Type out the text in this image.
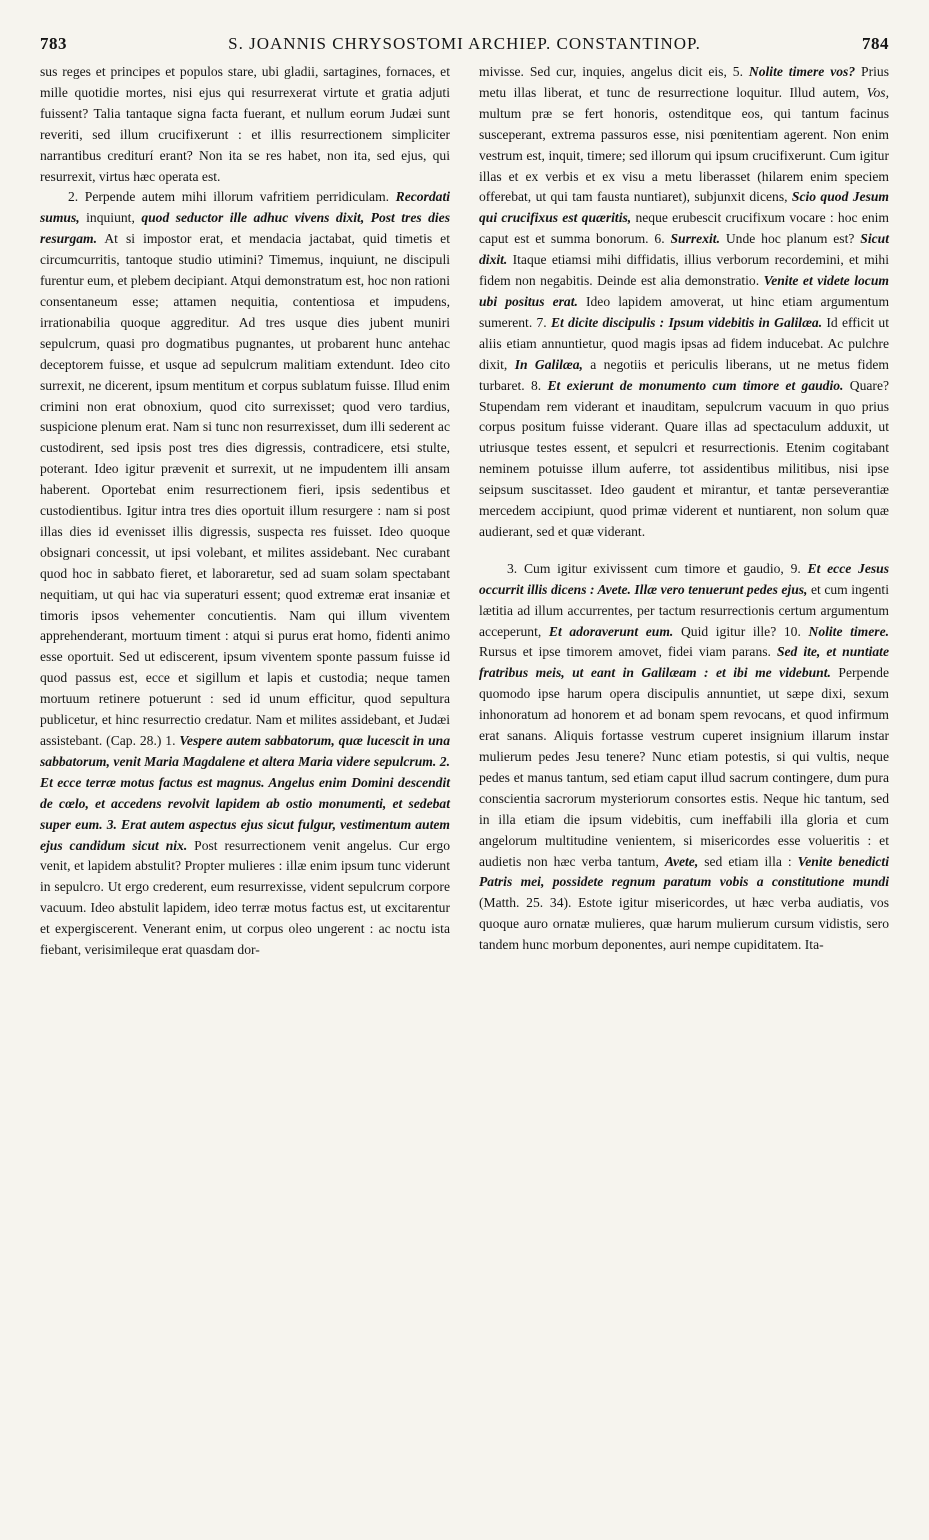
783	S. JOANNIS CHRYSOSTOMI ARCHIEP. CONSTANTINOP.	784

sus reges et principes et populos stare, ubi gladii, sartagines, fornaces, et mille quotidie mortes, nisi ejus qui resurrexerat virtute et gratia adjuti fuissent? Talia tantaque signa facta fuerant, et nullum eorum Judæi sunt reveriti, sed illum crucifixerunt : et illis resurrectionem simpliciter narrantibus crediturí erant? Non ita se res habet, non ita, sed ejus, qui resurrexit, virtus hæc operata est.

2. Perpende autem mihi illorum vafritiem perridiculam. Recordati sumus, inquiunt, quod seductor ille adhuc vivens dixit, Post tres dies resurgam. At si impostor erat, et mendacia jactabat, quid timetis et circumcurritis, tantoque studio utimini? Timemus, inquiunt, ne discipuli furentur eum, et plebem decipiant. Atqui demonstratum est, hoc non rationi consentaneum esse; attamen nequitia, contentiosa et impudens, irrationabilia quoque aggreditur. Ad tres usque dies jubent muniri sepulcrum, quasi pro dogmatibus pugnantes, ut probarent hunc antehac deceptorem fuisse, et usque ad sepulcrum malitiam extendunt. Ideo cito surrexit, ne dicerent, ipsum mentitum et corpus sublatum fuisse. Illud enim crimini non erat obnoxium, quod cito surrexisset; quod vero tardius, suspicione plenum erat. Nam si tunc non resurrexisset, dum illi sederent ac custodirent, sed ipsis post tres dies digressis, contradicere, etsi stulte, poterant. Ideo igitur prævenit et surrexit, ut ne impudentem illi ansam haberent. Oportebat enim resurrectionem fieri, ipsis sedentibus et custodientibus. Igitur intra tres dies oportuit illum resurgere : nam si post illas dies id evenisset illis digressis, suspecta res fuisset. Ideo quoque obsignari concessit, ut ipsi volebant, et milites assidebant. Nec curabant quod hoc in sabbato fieret, et laboraretur, sed ad suam solam spectabant nequitiam, ut qui hac via superaturi essent; quod extremæ erat insaniæ et timoris ipsos vehementer concutientis. Nam qui illum viventem apprehenderant, mortuum timent : atqui si purus erat homo, fidenti animo esse oportuit. Sed ut ediscerent, ipsum viventem sponte passum fuisse id quod passus est, ecce et sigillum et lapis et custodia; neque tamen mortuum retinere potuerunt : sed id unum efficitur, quod sepultura publicetur, et hinc resurrectio credatur. Nam et milites assidebant, et Judæi assistebant. (Cap. 28.) 1. Vespere autem sabbatorum, quæ lucescit in una sabbatorum, venit Maria Magdalene et altera Maria videre sepulcrum. 2. Et ecce terræ motus factus est magnus. Angelus enim Domini descendit de cœlo, et accedens revolvit lapidem ab ostio monumenti, et sedebat super eum. 3. Erat autem aspectus ejus sicut fulgur, vestimentum autem ejus candidum sicut nix. Post resurrectionem venit angelus. Cur ergo venit, et lapidem abstulit? Propter mulieres : illæ enim ipsum tunc viderunt in sepulcro. Ut ergo crederent, eum resurrexisse, vident sepulcrum corpore vacuum. Ideo abstulit lapidem, ideo terræ motus factus est, ut excitarentur et expergiscerent. Venerant enim, ut corpus oleo ungerent : ac noctu ista fiebant, verisimileque erat quasdam dor-

mivisse. Sed cur, inquies, angelus dicit eis, 5. Nolite timere vos? Prius metu illas liberat, et tunc de resurrectione loquitur. Illud autem, Vos, multum præ se fert honoris, ostenditque eos, qui tantum facinus susceperant, extrema passuros esse, nisi pœnitentiam agerent. Non enim vestrum est, inquit, timere; sed illorum qui ipsum crucifixerunt. Cum igitur illas et ex verbis et ex visu a metu liberasset (hilarem enim speciem offerebat, ut qui tam fausta nuntiaret), subjunxit dicens, Scio quod Jesum qui crucifixus est quæritis, neque erubescit crucifixum vocare : hoc enim caput est et summa bonorum. 6. Surrexit. Unde hoc planum est? Sicut dixit. Itaque etiamsi mihi diffidatis, illius verborum recordemini, et mihi fidem non negabitis. Deinde est alia demonstratio. Venite et videte locum ubi positus erat. Ideo lapidem amoverat, ut hinc etiam argumentum sumerent. 7. Et dicite discipulis : Ipsum videbitis in Galilæa. Id efficit ut aliis etiam annuntietur, quod magis ipsas ad fidem inducebat. Ac pulchre dixit, In Galilæa, a negotiis et periculis liberans, ut ne metus fidem turbaret. 8. Et exierunt de monumento cum timore et gaudio. Quare? Stupendam rem viderant et inauditam, sepulcrum vacuum in quo prius corpus positum fuisse viderant. Quare illas ad spectaculum adduxit, ut utriusque testes essent, et sepulcri et resurrectionis. Etenim cogitabant neminem potuisse illum auferre, tot assidentibus militibus, nisi ipse seipsum suscitasset. Ideo gaudent et mirantur, et tantæ perseverantiæ mercedem accipiunt, quod primæ viderent et nuntiarent, non solum quæ audierant, sed et quæ viderant.

3. Cum igitur exivissent cum timore et gaudio, 9. Et ecce Jesus occurrit illis dicens : Avete. Illæ vero tenuerunt pedes ejus, et cum ingenti lætitia ad illum accurrentes, per tactum resurrectionis certum argumentum acceperunt, Et adoraverunt eum. Quid igitur ille? 10. Nolite timere. Rursus et ipse timorem amovet, fidei viam parans. Sed ite, et nuntiate fratribus meis, ut eant in Galilæam : et ibi me videbunt. Perpende quomodo ipse harum opera discipulis annuntiet, ut sæpe dixi, sexum inhonoratum ad honorem et ad bonam spem revocans, et quod infirmum erat sanans. Aliquis fortasse vestrum cuperet insignium illarum instar mulierum pedes Jesu tenere? Nunc etiam potestis, si qui vultis, neque pedes et manus tantum, sed etiam caput illud sacrum contingere, dum pura conscientia sacrorum mysteriorum consortes estis. Neque hic tantum, sed in illa etiam die ipsum videbitis, cum ineffabili illa gloria et cum angelorum multitudine venientem, si misericordes esse volueritis : et audietis non hæc verba tantum, Avete, sed etiam illa : Venite benedicti Patris mei, possidete regnum paratum vobis a constitutione mundi (Matth. 25. 34). Estote igitur misericordes, ut hæc verba audiatis, vos quoque auro ornatæ mulieres, quæ harum mulierum cursum vidistis, sero tandem hunc morbum deponentes, auri nempe cupiditatem. Ita-
